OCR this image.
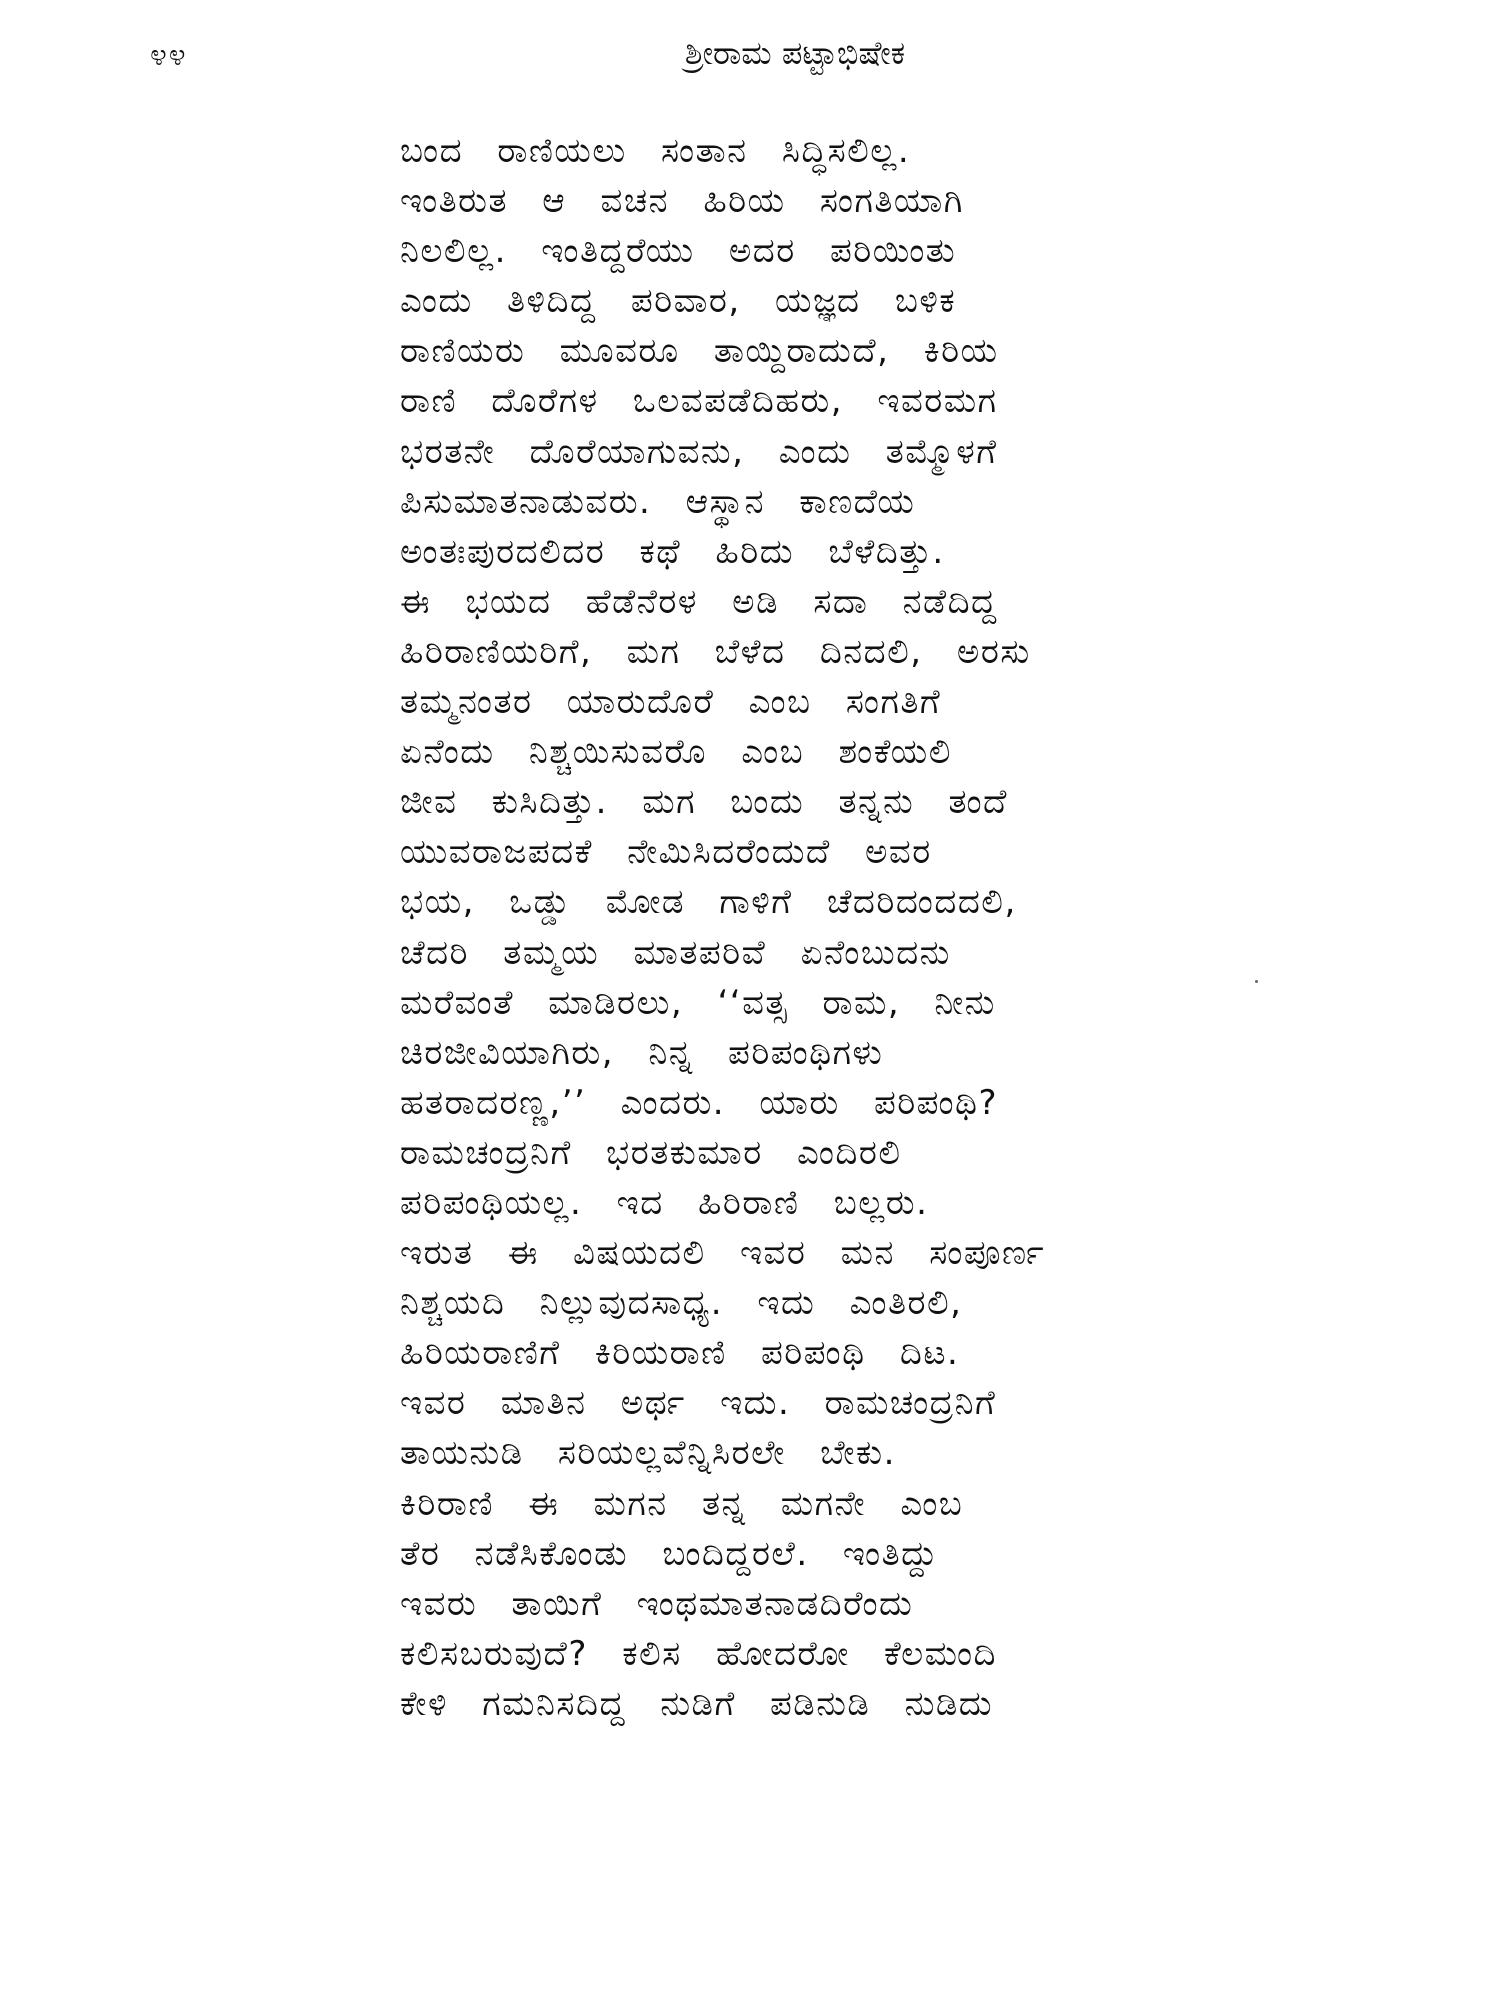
೪೪	ಶ್ರೀರಾಮ ಪಟ್ಟಾಭಿಷೇಕ
ಬಂದ ರಾಣಿಯಲು ಸಂತಾನ ಸಿದ್ಧಿಸಲಿಲ್ಲ.
ಇಂತಿರುತ ಆ ವಚನ ಹಿರಿಯ ಸಂಗತಿಯಾಗಿ
ನಿಲಲಿಲ್ಲ. ಇಂತಿದ್ದರೆಯು ಅದರ ಪರಿಯಿಂತು
ಎಂದು ತಿಳಿದಿದ್ದ ಪರಿವಾರ, ಯಜ್ಞದ ಬಳಿಕ
ರಾಣಿಯರು ಮೂವರೂ ತಾಯ್ದಿರಾದುದೆ, ಕಿರಿಯ
ರಾಣಿ ದೊರೆಗಳ ಒಲವಪಡೆದಿಹರು, ಇವರಮಗ
ಭರತನೇ ದೊರೆಯಾಗುವನು, ಎಂದು ತಮ್ಮೊಳಗೆ
ಪಿಸುಮಾತನಾಡುವರು. ಆಸ್ಥಾನ ಕಾಣದೆಯ
ಅಂತಃಪುರದಲಿದರ ಕಥೆ ಹಿರಿದು ಬೆಳೆದಿತ್ತು.
ಈ ಭಯದ ಹೆಡೆನೆರಳ ಅಡಿ ಸದಾ ನಡೆದಿದ್ದ
ಹಿರಿರಾಣಿಯರಿಗೆ, ಮಗ ಬೆಳೆದ ದಿನದಲಿ, ಅರಸು
ತಮ್ಮನಂತರ ಯಾರುದೊರೆ ಎಂಬ ಸಂಗತಿಗೆ
ಏನೆಂದು ನಿಶ್ಚಯಿಸುವರೊ ಎಂಬ ಶಂಕೆಯಲಿ
ಜೀವ ಕುಸಿದಿತ್ತು. ಮಗ ಬಂದು ತನ್ನನು ತಂದೆ
ಯುವರಾಜಪದಕೆ ನೇಮಿಸಿದರೆಂದುದೆ ಅವರ
ಭಯ, ಒಡ್ಡು ಮೋಡ ಗಾಳಿಗೆ ಚೆದರಿದಂದದಲಿ,
ಚೆದರಿ ತಮ್ಮಯ ಮಾತಪರಿವೆ ಏನೆಂಬುದನು
ಮರೆವಂತೆ ಮಾಡಿರಲು, ‘‘ವತ್ಸ ರಾಮ, ನೀನು
ಚಿರಜೀವಿಯಾಗಿರು, ನಿನ್ನ ಪರಿಪಂಥಿಗಳು
ಹತರಾದರಣ್ಣ,’’ ಎಂದರು. ಯಾರು ಪರಿಪಂಥಿ?
ರಾಮಚಂದ್ರನಿಗೆ ಭರತಕುಮಾರ ಎಂದಿರಲಿ
ಪರಿಪಂಥಿಯಲ್ಲ. ಇದ ಹಿರಿರಾಣಿ ಬಲ್ಲರು.
ಇರುತ ಈ ವಿಷಯದಲಿ ಇವರ ಮನ ಸಂಪೂರ್ಣ
ನಿಶ್ಚಯದಿ ನಿಲ್ಲುವುದಸಾಧ್ಯ. ಇದು ಎಂತಿರಲಿ,
ಹಿರಿಯರಾಣಿಗೆ ಕಿರಿಯರಾಣಿ ಪರಿಪಂಥಿ ದಿಟ.
ಇವರ ಮಾತಿನ ಅರ್ಥ ಇದು. ರಾಮಚಂದ್ರನಿಗೆ
ತಾಯನುಡಿ ಸರಿಯಲ್ಲವೆನ್ನಿಸಿರಲೇ ಬೇಕು.
ಕಿರಿರಾಣಿ ಈ ಮಗನ ತನ್ನ ಮಗನೇ ಎಂಬ
ತೆರ ನಡೆಸಿಕೊಂಡು ಬಂದಿದ್ದರಲೆ. ಇಂತಿದ್ದು
ಇವರು ತಾಯಿಗೆ ಇಂಥಮಾತನಾಡದಿರೆಂದು
ಕಲಿಸಬರುವುದೆ? ಕಲಿಸ ಹೋದರೋ ಕೆಲಮಂದಿ
ಕೇಳಿ ಗಮನಿಸದಿದ್ದ ನುಡಿಗೆ ಪಡಿನುಡಿ ನುಡಿದು
